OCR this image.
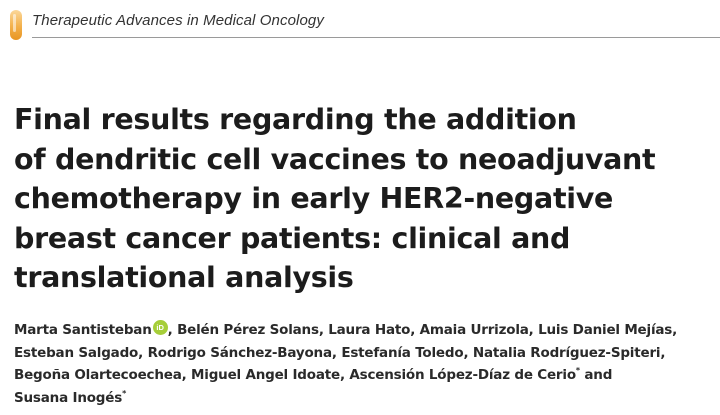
Therapeutic Advances in Medical Oncology
Final results regarding the addition
of dendritic cell vaccines to neoadjuvant
chemotherapy in early HER2-negative
breast cancer patients: clinical and
translational analysis

Marta Santisteban iD , Belén Pérez Solans, Laura Hato, Amaia Urrizola, Luis Daniel Mejías,
Esteban Salgado, Rodrigo Sánchez-Bayona, Estefanía Toledo, Natalia Rodríguez-Spiteri,
Begoña Olartecoechea, Miguel Angel Idoate, Ascensión López-Díaz de Cerio* and
Susana Inogés*
